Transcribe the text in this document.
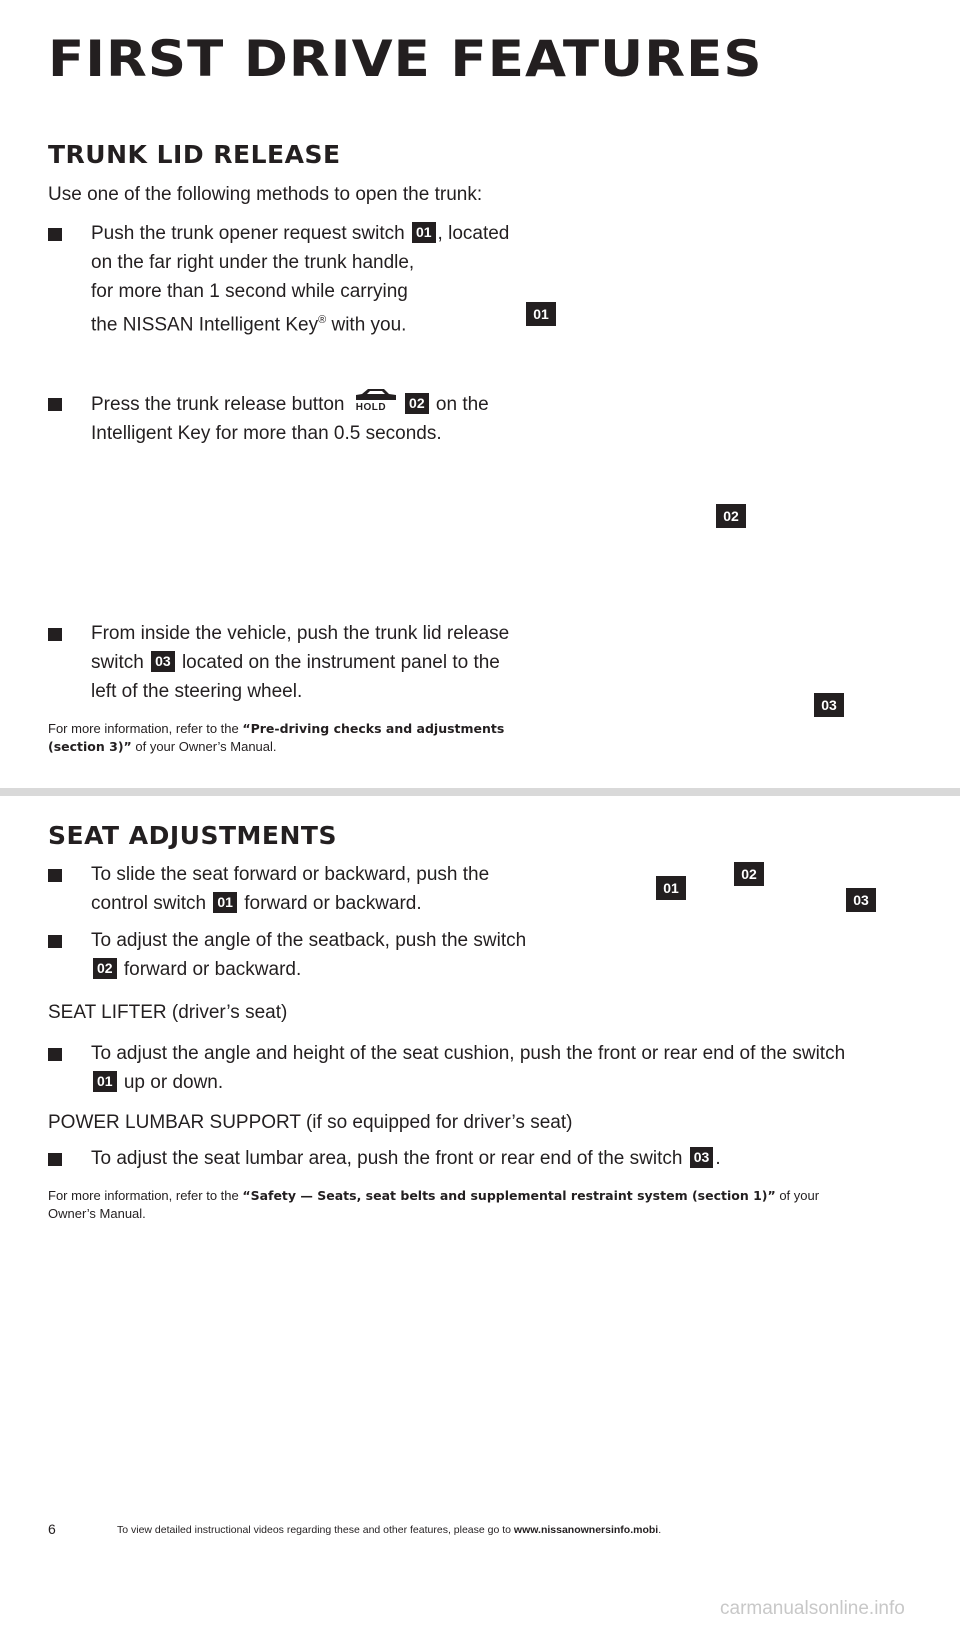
FIRST DRIVE FEATURES
TRUNK LID RELEASE
Use one of the following methods to open the trunk:
Push the trunk opener request switch 01 , located
on the far right under the trunk handle,
for more than 1 second while carrying
the NISSAN Intelligent Key® with you.
01
Press the trunk release button HOLD 02 on the
Intelligent Key for more than 0.5 seconds.
02
From inside the vehicle, push the trunk lid release
switch 03 located on the instrument panel to the
left of the steering wheel.
03
For more information, refer to the “Pre-driving checks and adjustments
(section 3)” of your Owner’s Manual.
SEAT ADJUSTMENTS
To slide the seat forward or backward, push the
control switch 01 forward or backward.
To adjust the angle of the seatback, push the switch
02 forward or backward.
01
02
03
SEAT LIFTER (driver’s seat)
To adjust the angle and height of the seat cushion, push the front or rear end of the switch
01 up or down.
POWER LUMBAR SUPPORT (if so equipped for driver’s seat)
To adjust the seat lumbar area, push the front or rear end of the switch 03 .
For more information, refer to the “Safety — Seats, seat belts and supplemental restraint system (section 1)” of your
Owner’s Manual.
6	To view detailed instructional videos regarding these and other features, please go to www.nissanownersinfo.mobi.
carmanualsonline.info
